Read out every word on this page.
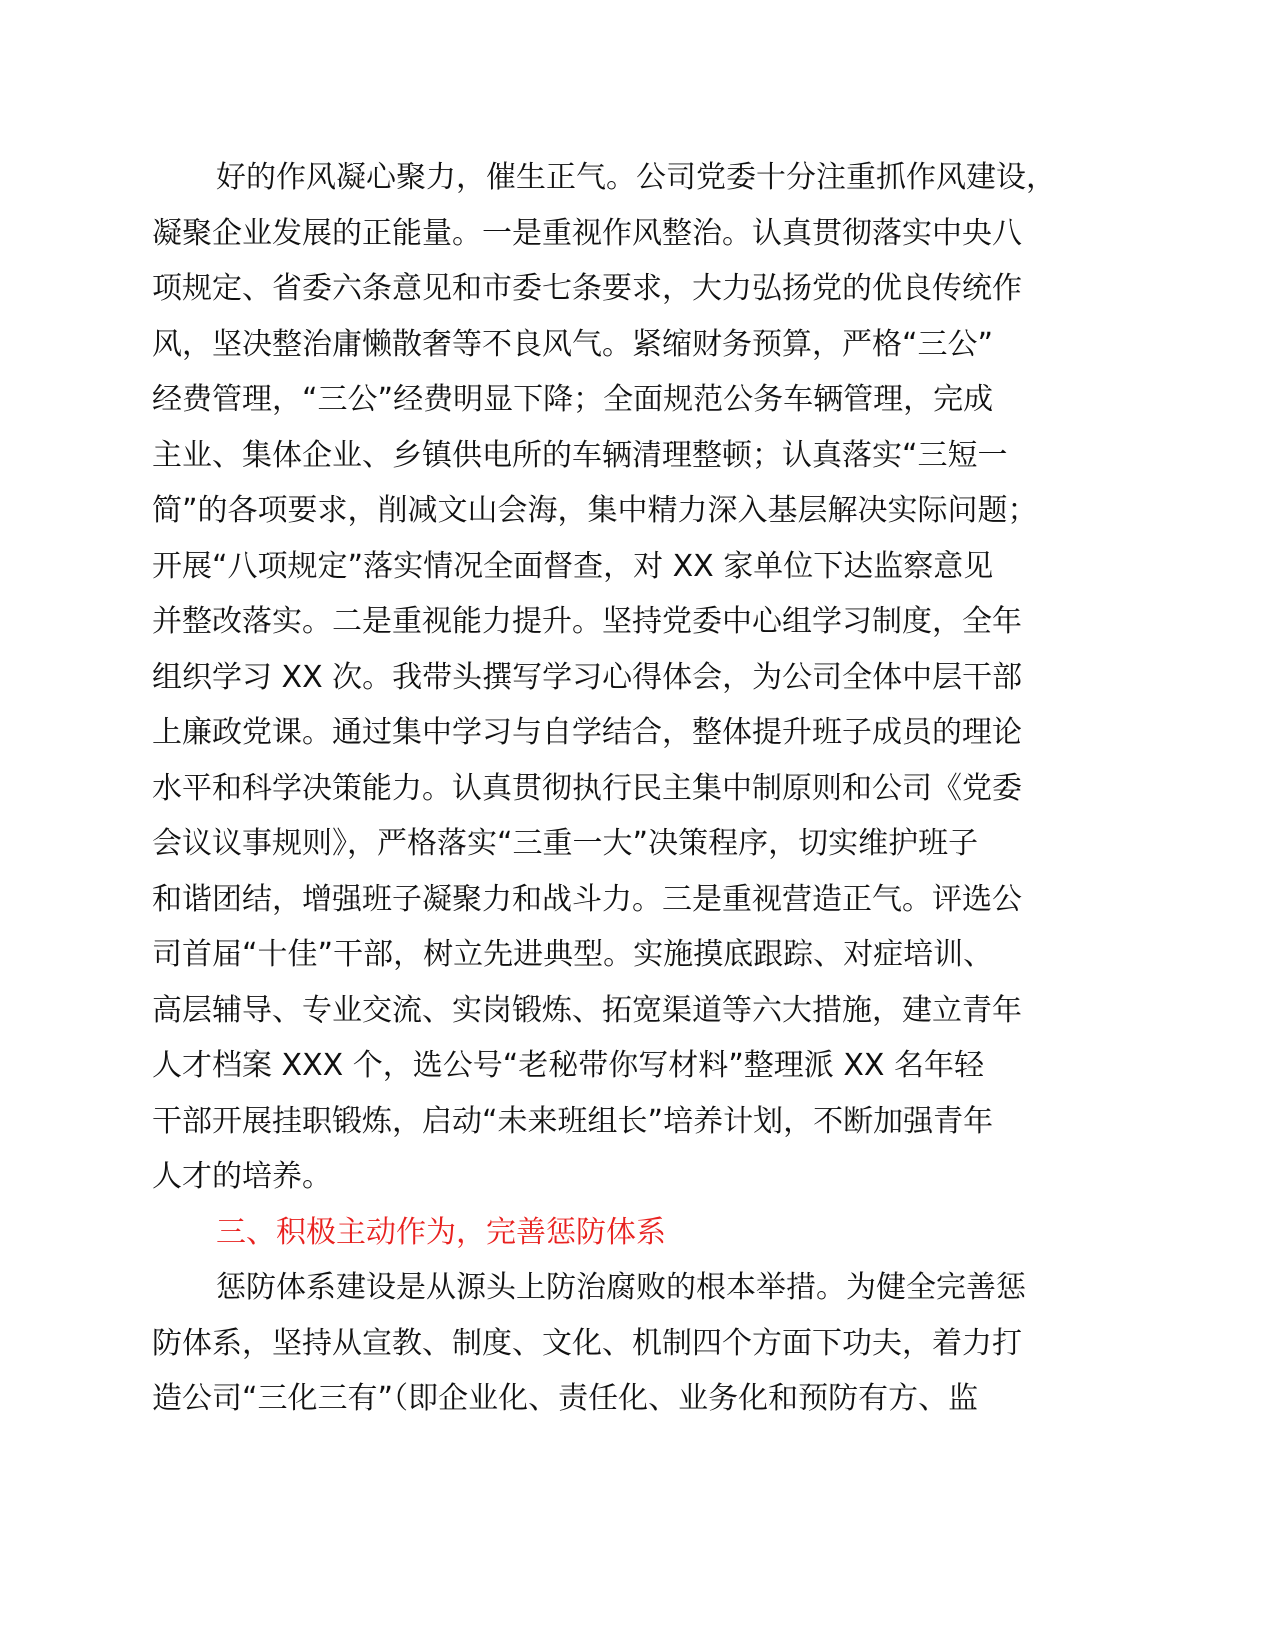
好的作风凝心聚力，催生正气。公司党委十分注重抓作风建设，
凝聚企业发展的正能量。一是重视作风整治。认真贯彻落实中央八
项规定、省委六条意见和市委七条要求，大力弘扬党的优良传统作
风，坚决整治庸懒散奢等不良风气。紧缩财务预算，严格“三公”
经费管理，“三公”经费明显下降；全面规范公务车辆管理，完成
主业、集体企业、乡镇供电所的车辆清理整顿；认真落实“三短一
简”的各项要求，削减文山会海，集中精力深入基层解决实际问题；
开展“八项规定”落实情况全面督查，对 XX 家单位下达监察意见
并整改落实。二是重视能力提升。坚持党委中心组学习制度，全年
组织学习 XX 次。我带头撰写学习心得体会，为公司全体中层干部
上廉政党课。通过集中学习与自学结合，整体提升班子成员的理论
水平和科学决策能力。认真贯彻执行民主集中制原则和公司《党委
会议议事规则》，严格落实“三重一大”决策程序，切实维护班子
和谐团结，增强班子凝聚力和战斗力。三是重视营造正气。评选公
司首届“十佳”干部，树立先进典型。实施摸底跟踪、对症培训、
高层辅导、专业交流、实岗锻炼、拓宽渠道等六大措施，建立青年
人才档案 XXX 个，选公号“老秘带你写材料”整理派 XX 名年轻
干部开展挂职锻炼，启动“未来班组长”培养计划，不断加强青年
人才的培养。
三、积极主动作为，完善惩防体系
惩防体系建设是从源头上防治腐败的根本举措。为健全完善惩
防体系，坚持从宣教、制度、文化、机制四个方面下功夫，着力打
造公司“三化三有”（即企业化、责任化、业务化和预防有方、监
